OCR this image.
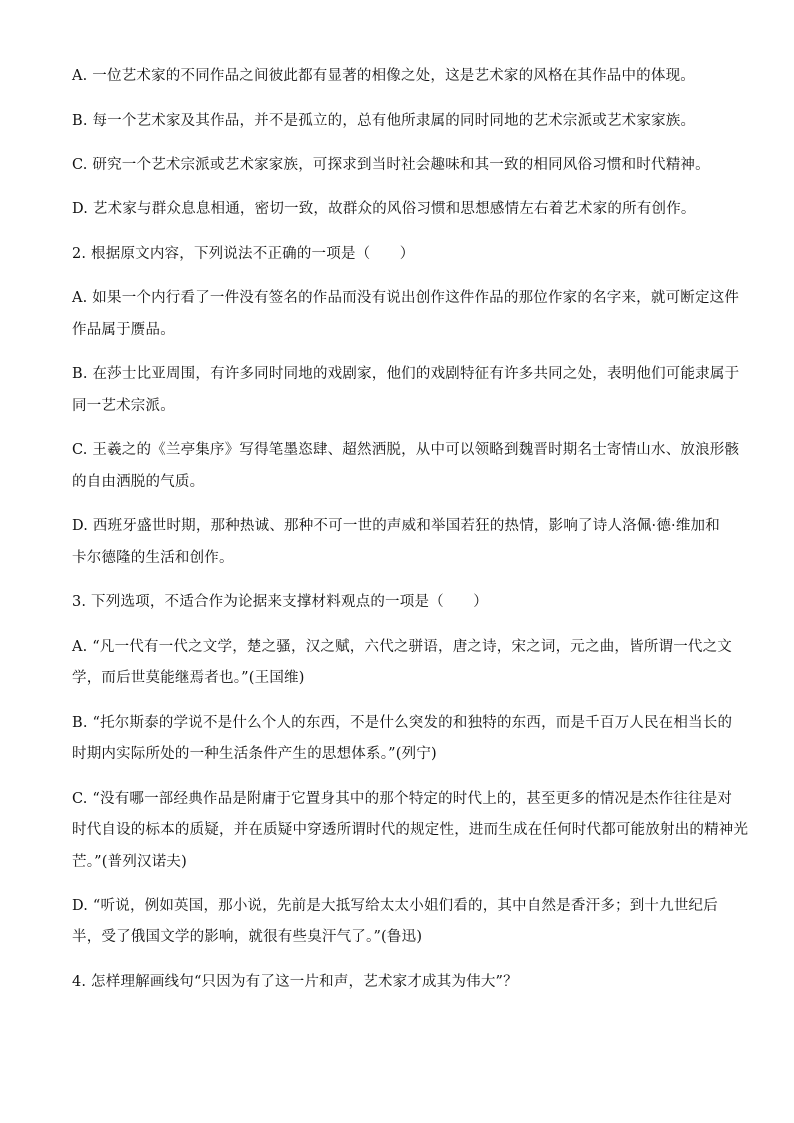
A. 一位艺术家的不同作品之间彼此都有显著的相像之处，这是艺术家的风格在其作品中的体现。
B. 每一个艺术家及其作品，并不是孤立的，总有他所隶属的同时同地的艺术宗派或艺术家家族。
C. 研究一个艺术宗派或艺术家家族，可探求到当时社会趣味和其一致的相同风俗习惯和时代精神。
D. 艺术家与群众息息相通，密切一致，故群众的风俗习惯和思想感情左右着艺术家的所有创作。
2. 根据原文内容，下列说法不正确的一项是（　　）
A. 如果一个内行看了一件没有签名的作品而没有说出创作这件作品的那位作家的名字来，就可断定这件
作品属于赝品。
B. 在莎士比亚周围，有许多同时同地的戏剧家，他们的戏剧特征有许多共同之处，表明他们可能隶属于
同一艺术宗派。
C. 王羲之的《兰亭集序》写得笔墨恣肆、超然洒脱，从中可以领略到魏晋时期名士寄情山水、放浪形骸
的自由洒脱的气质。
D. 西班牙盛世时期，那种热诚、那种不可一世的声威和举国若狂的热情，影响了诗人洛佩·德·维加和
卡尔德隆的生活和创作。
3. 下列选项，不适合作为论据来支撑材料观点的一项是（　　）
A. “凡一代有一代之文学，楚之骚，汉之赋，六代之骈语，唐之诗，宋之词，元之曲，皆所谓一代之文
学，而后世莫能继焉者也。”(王国维)
B. “托尔斯泰的学说不是什么个人的东西，不是什么突发的和独特的东西，而是千百万人民在相当长的
时期内实际所处的一种生活条件产生的思想体系。”(列宁)
C. “没有哪一部经典作品是附庸于它置身其中的那个特定的时代上的，甚至更多的情况是杰作往往是对
时代自设的标本的质疑，并在质疑中穿透所谓时代的规定性，进而生成在任何时代都可能放射出的精神光
芒。”(普列汉诺夫)
D. “听说，例如英国，那小说，先前是大抵写给太太小姐们看的，其中自然是香汗多；到十九世纪后
半，受了俄国文学的影响，就很有些臭汗气了。”(鲁迅)
4. 怎样理解画线句“只因为有了这一片和声，艺术家才成其为伟大”？
